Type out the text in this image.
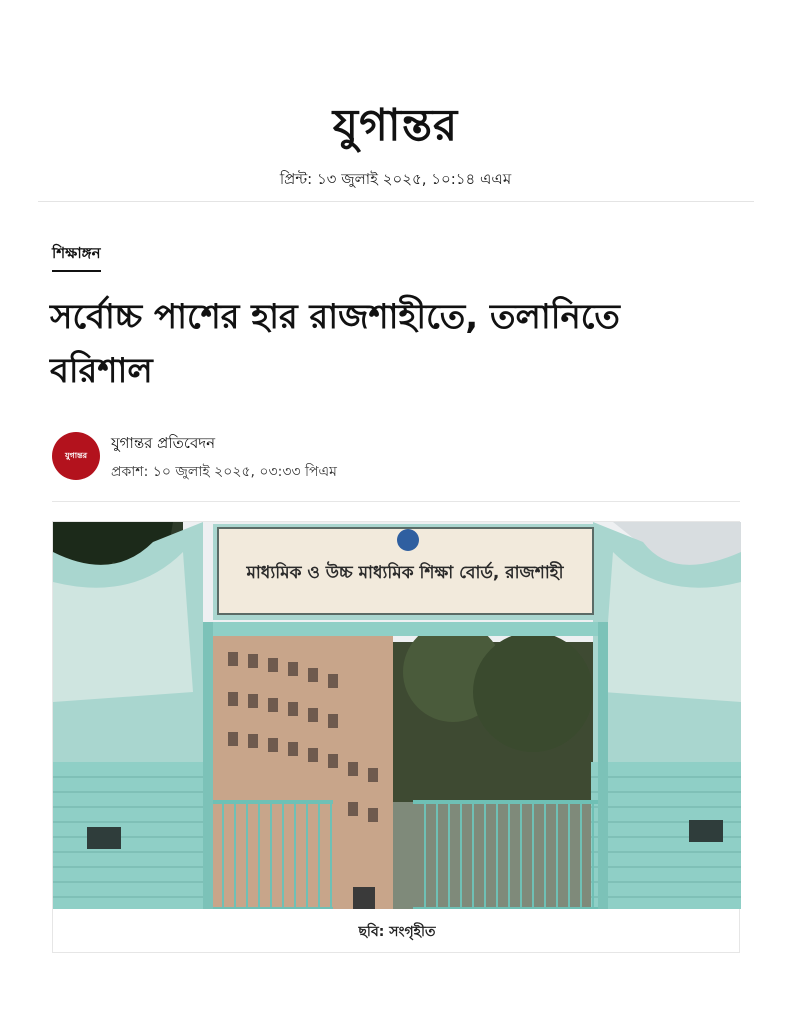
যুগান্তর
প্রিন্ট: ১৩ জুলাই ২০২৫, ১০:১৪ এএম
শিক্ষাঙ্গন
সর্বোচ্চ পাশের হার রাজশাহীতে, তলানিতে বরিশাল
যুগান্তর
যুগান্তর প্রতিবেদন
প্রকাশ: ১০ জুলাই ২০২৫, ০৩:৩৩ পিএম
মাধ্যমিক ও উচ্চ মাধ্যমিক শিক্ষা বোর্ড, রাজশাহী
ছবি: সংগৃহীত
